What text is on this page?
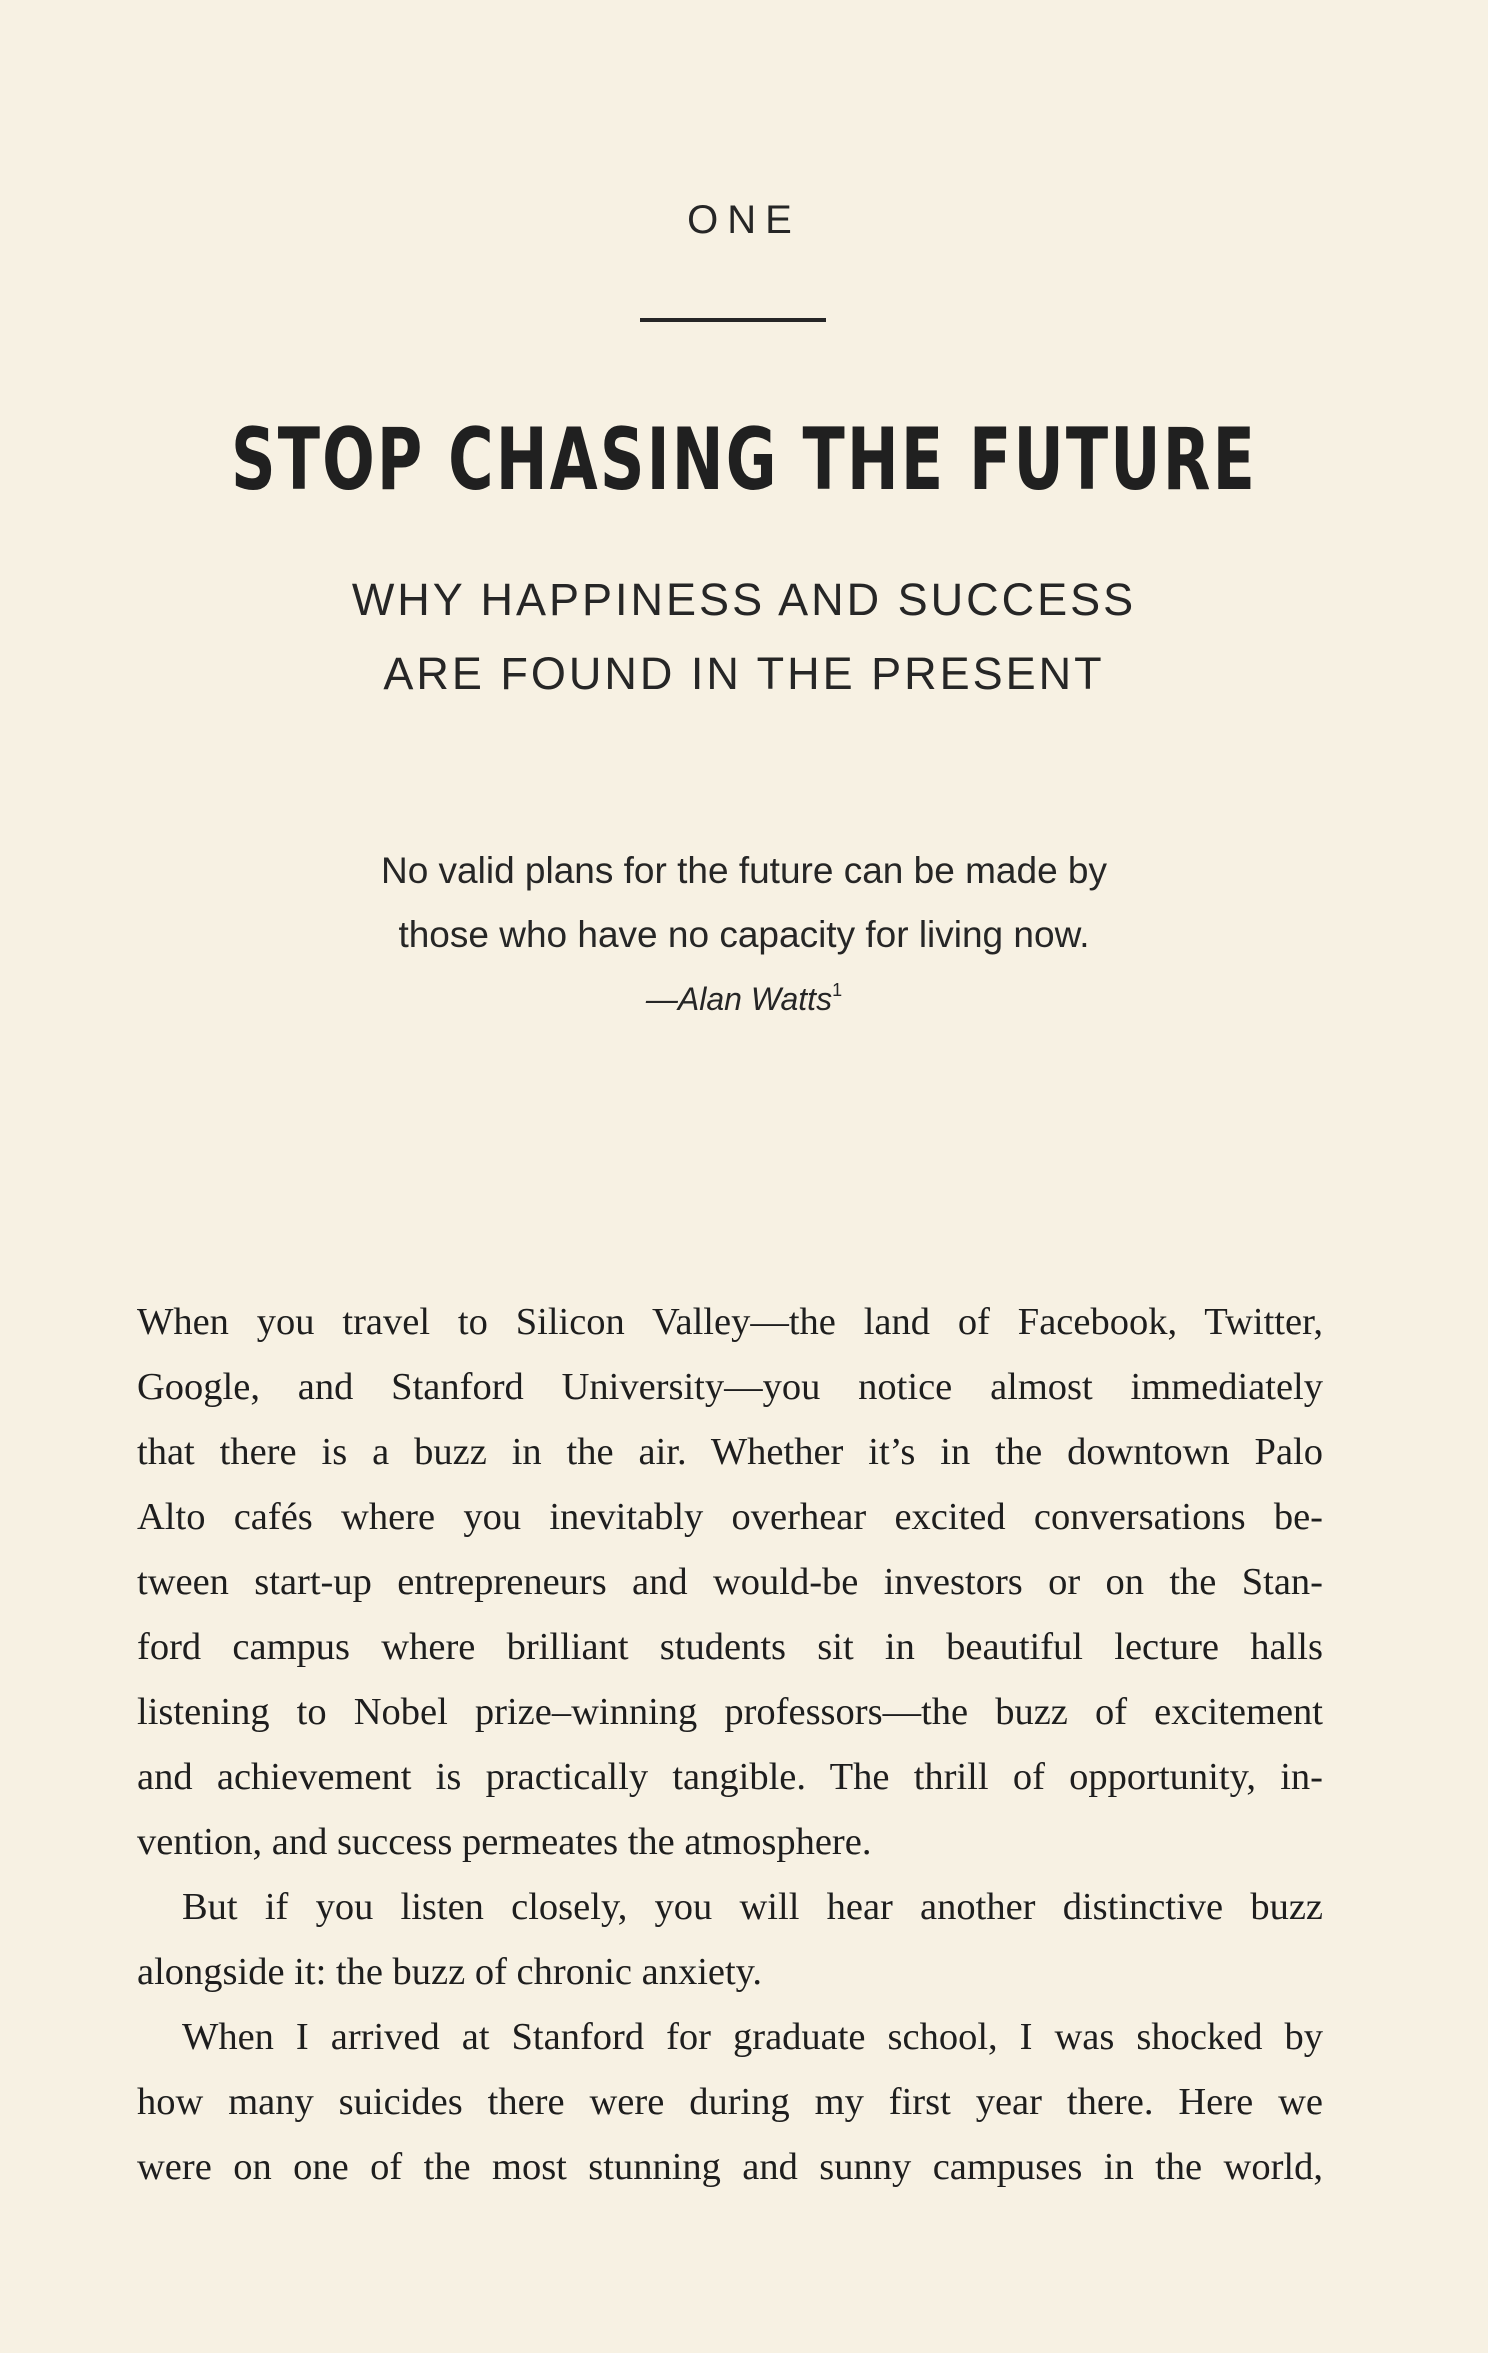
ONE
STOP CHASING THE FUTURE
WHY HAPPINESS AND SUCCESS
ARE FOUND IN THE PRESENT
No valid plans for the future can be made by
those who have no capacity for living now.
—Alan Watts$^1$
When you travel to Silicon Valley—the land of Facebook, Twitter,
Google, and Stanford University—you notice almost immediately
that there is a buzz in the air. Whether it’s in the downtown Palo
Alto cafés where you inevitably overhear excited conversations be-
tween start-up entrepreneurs and would-be investors or on the Stan-
ford campus where brilliant students sit in beautiful lecture halls
listening to Nobel prize–winning professors—the buzz of excitement
and achievement is practically tangible. The thrill of opportunity, in-
vention, and success permeates the atmosphere.
But if you listen closely, you will hear another distinctive buzz
alongside it: the buzz of chronic anxiety.
When I arrived at Stanford for graduate school, I was shocked by
how many suicides there were during my first year there. Here we
were on one of the most stunning and sunny campuses in the world,
